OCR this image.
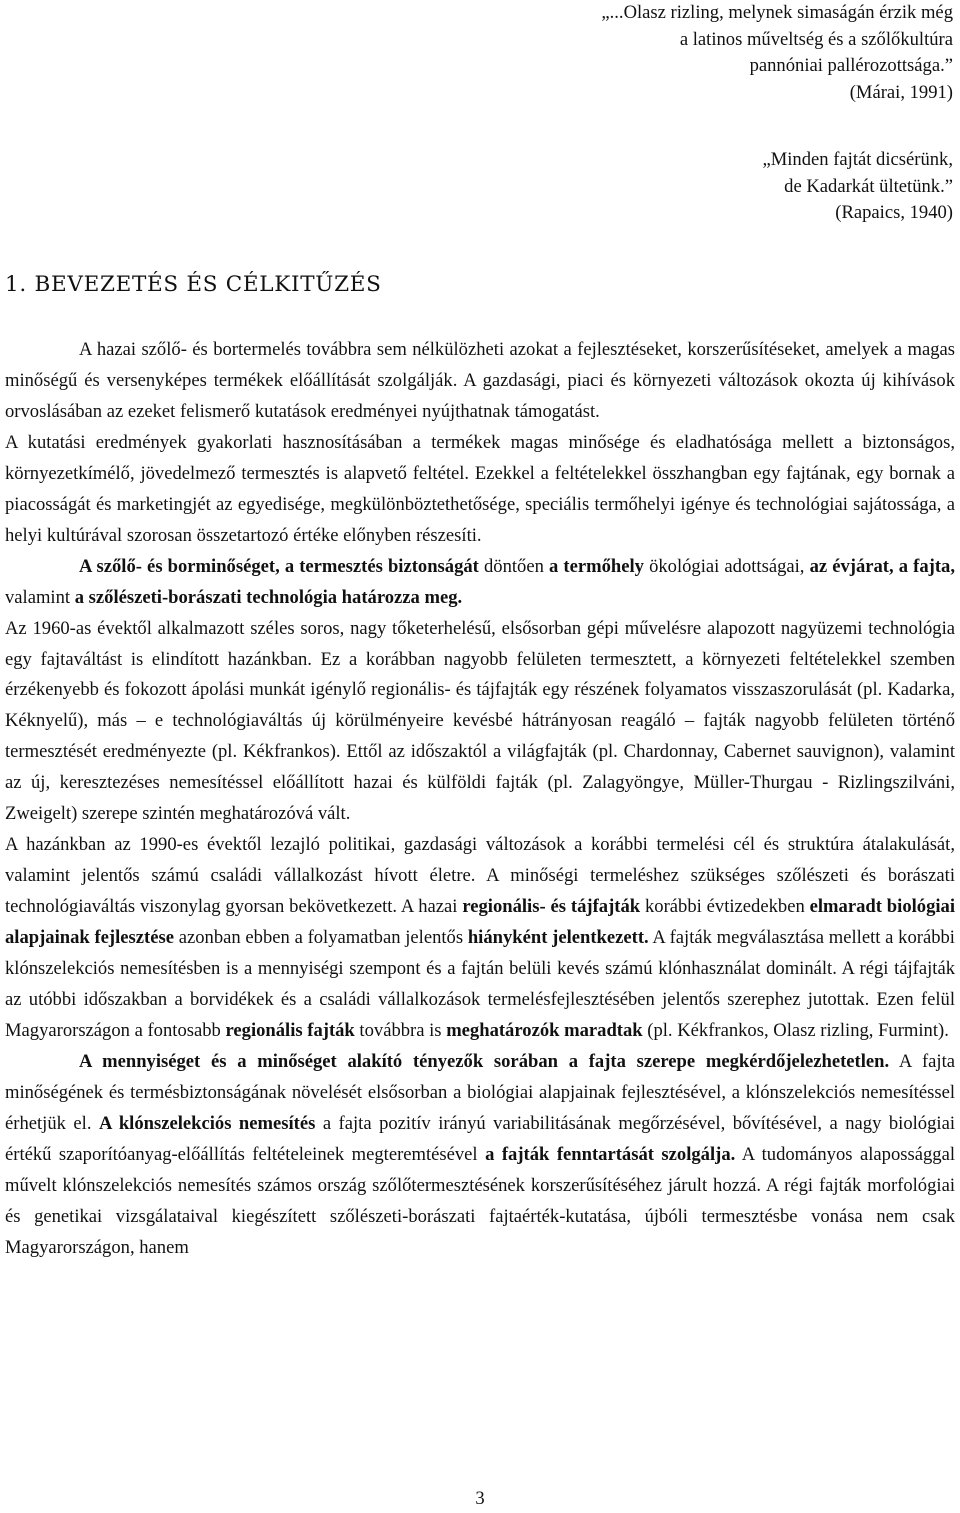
„...Olasz rizling, melynek simaságán érzik még
a latinos műveltség és a szőlőkultúra
pannóniai pallérozottsága.”
(Márai, 1991)
„Minden fajtát dicsérünk,
de Kadarkát ültetünk.”
(Rapaics, 1940)
1. BEVEZETÉS ÉS CÉLKITŰZÉS

A hazai szőlő- és bortermelés továbbra sem nélkülözheti azokat a fejlesztéseket, korszerűsítéseket, amelyek a magas minőségű és versenyképes termékek előállítását szolgálják. A gazdasági, piaci és környezeti változások okozta új kihívások orvoslásában az ezeket felismerő kutatások eredményei nyújthatnak támogatást.

A kutatási eredmények gyakorlati hasznosításában a termékek magas minősége és eladhatósága mellett a biztonságos, környezetkímélő, jövedelmező termesztés is alapvető feltétel. Ezekkel a feltételekkel összhangban egy fajtának, egy bornak a piacosságát és marketingjét az egyedisége, megkülönböztethetősége, speciális termőhelyi igénye és technológiai sajátossága, a helyi kultúrával szorosan összetartozó értéke előnyben részesíti.

A szőlő- és borminőséget, a termesztés biztonságát döntően a termőhely ökológiai adottságai, az évjárat, a fajta, valamint a szőlészeti-borászati technológia határozza meg.

Az 1960-as évektől alkalmazott széles soros, nagy tőketerhelésű, elsősorban gépi művelésre alapozott nagyüzemi technológia egy fajtaváltást is elindított hazánkban. Ez a korábban nagyobb felületen termesztett, a környezeti feltételekkel szemben érzékenyebb és fokozott ápolási munkát igénylő regionális- és tájfajták egy részének folyamatos visszaszorulását (pl. Kadarka, Kéknyelű), más – e technológiaváltás új körülményeire kevésbé hátrányosan reagáló – fajták nagyobb felületen történő termesztését eredményezte (pl. Kékfrankos). Ettől az időszaktól a világfajták (pl. Chardonnay, Cabernet sauvignon), valamint az új, keresztezéses nemesítéssel előállított hazai és külföldi fajták (pl. Zalagyöngye, Müller-Thurgau - Rizlingszilváni, Zweigelt) szerepe szintén meghatározóvá vált.

A hazánkban az 1990-es évektől lezajló politikai, gazdasági változások a korábbi termelési cél és struktúra átalakulását, valamint jelentős számú családi vállalkozást hívott életre. A minőségi termeléshez szükséges szőlészeti és borászati technológiaváltás viszonylag gyorsan bekövetkezett. A hazai regionális- és tájfajták korábbi évtizedekben elmaradt biológiai alapjainak fejlesztése azonban ebben a folyamatban jelentős hiányként jelentkezett. A fajták megválasztása mellett a korábbi klónszelekciós nemesítésben is a mennyiségi szempont és a fajtán belüli kevés számú klónhasználat dominált. A régi tájfajták az utóbbi időszakban a borvidékek és a családi vállalkozások termelésfejlesztésében jelentős szerephez jutottak. Ezen felül Magyarországon a fontosabb regionális fajták továbbra is meghatározók maradtak (pl. Kékfrankos, Olasz rizling, Furmint).

A mennyiséget és a minőséget alakító tényezők sorában a fajta szerepe megkérdőjelezhetetlen. A fajta minőségének és termésbiztonságának növelését elsősorban a biológiai alapjainak fejlesztésével, a klónszelekciós nemesítéssel érhetjük el. A klónszelekciós nemesítés a fajta pozitív irányú variabilitásának megőrzésével, bővítésével, a nagy biológiai értékű szaporítóanyag-előállítás feltételeinek megteremtésével a fajták fenntartását szolgálja. A tudományos alapossággal művelt klónszelekciós nemesítés számos ország szőlőtermesztésének korszerűsítéséhez járult hozzá. A régi fajták morfológiai és genetikai vizsgálataival kiegészített szőlészeti-borászati fajtaérték-kutatása, újbóli termesztésbe vonása nem csak Magyarországon, hanem

3
